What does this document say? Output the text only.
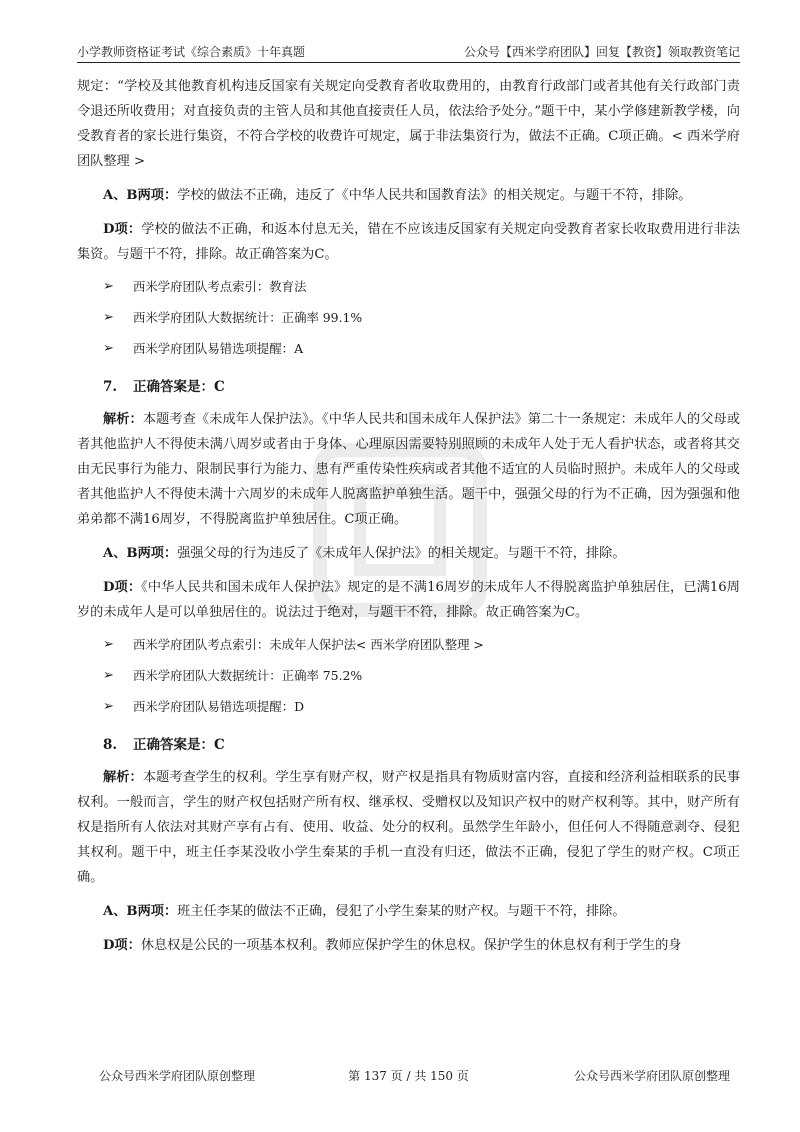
小学教师资格证考试《综合素质》十年真题	公众号【西米学府团队】回复【教资】领取教资笔记

规定：“学校及其他教育机构违反国家有关规定向受教育者收取费用的，由教育行政部门或者其他有关行政部门责令退还所收费用；对直接负责的主管人员和其他直接责任人员，依法给予处分。”题干中，某小学修建新教学楼，向受教育者的家长进行集资，不符合学校的收费许可规定，属于非法集资行为，做法不正确。C项正确。< 西米学府团队整理 >

A、B两项：学校的做法不正确，违反了《中华人民共和国教育法》的相关规定。与题干不符，排除。

D项：学校的做法不正确，和返本付息无关，错在不应该违反国家有关规定向受教育者家长收取费用进行非法集资。与题干不符，排除。故正确答案为C。

➢ 西米学府团队考点索引：教育法
➢ 西米学府团队大数据统计：正确率 99.1%
➢ 西米学府团队易错选项提醒：A
7. 正确答案是：C

解析：本题考查《未成年人保护法》。《中华人民共和国未成年人保护法》第二十一条规定：未成年人的父母或者其他监护人不得使未满八周岁或者由于身体、心理原因需要特别照顾的未成年人处于无人看护状态，或者将其交由无民事行为能力、限制民事行为能力、患有严重传染性疾病或者其他不适宜的人员临时照护。未成年人的父母或者其他监护人不得使未满十六周岁的未成年人脱离监护单独生活。题干中，强强父母的行为不正确，因为强强和他弟弟都不满16周岁，不得脱离监护单独居住。C项正确。

A、B两项：强强父母的行为违反了《未成年人保护法》的相关规定。与题干不符，排除。

D项：《中华人民共和国未成年人保护法》规定的是不满16周岁的未成年人不得脱离监护单独居住，已满16周岁的未成年人是可以单独居住的。说法过于绝对，与题干不符，排除。故正确答案为C。

➢ 西米学府团队考点索引：未成年人保护法< 西米学府团队整理 >
➢ 西米学府团队大数据统计：正确率 75.2%
➢ 西米学府团队易错选项提醒：D
8. 正确答案是：C

解析：本题考查学生的权利。学生享有财产权，财产权是指具有物质财富内容，直接和经济利益相联系的民事权利。一般而言，学生的财产权包括财产所有权、继承权、受赠权以及知识产权中的财产权利等。其中，财产所有权是指所有人依法对其财产享有占有、使用、收益、处分的权利。虽然学生年龄小，但任何人不得随意剥夺、侵犯其权利。题干中，班主任李某没收小学生秦某的手机一直没有归还，做法不正确，侵犯了学生的财产权。C项正确。

A、B两项：班主任李某的做法不正确，侵犯了小学生秦某的财产权。与题干不符，排除。

D项：休息权是公民的一项基本权利。教师应保护学生的休息权。保护学生的休息权有利于学生的身

公众号西米学府团队原创整理	第 137 页 / 共 150 页	公众号西米学府团队原创整理
